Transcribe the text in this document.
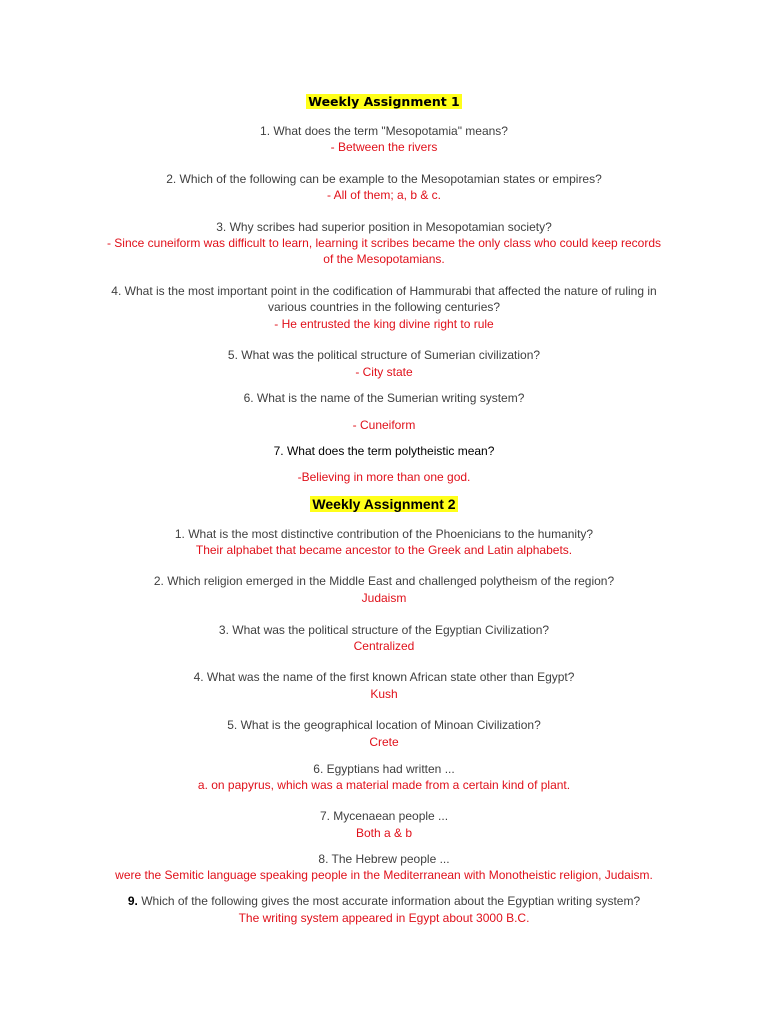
Weekly Assignment 1
1. What does the term "Mesopotamia" means?
- Between the rivers
2. Which of the following can be example to the Mesopotamian states or empires?
- All of them; a, b & c.
3. Why scribes had superior position in Mesopotamian society?
- Since cuneiform was difficult to learn, learning it scribes became the only class who could keep records
of the Mesopotamians.
4. What is the most important point in the codification of Hammurabi that affected the nature of ruling in
various countries in the following centuries?
- He entrusted the king divine right to rule
5. What was the political structure of Sumerian civilization?
- City state
6. What is the name of the Sumerian writing system?
- Cuneiform
7. What does the term polytheistic mean?
-Believing in more than one god.
Weekly Assignment 2
1. What is the most distinctive contribution of the Phoenicians to the humanity?
Their alphabet that became ancestor to the Greek and Latin alphabets.
2. Which religion emerged in the Middle East and challenged polytheism of the region?
Judaism
3. What was the political structure of the Egyptian Civilization?
Centralized
4. What was the name of the first known African state other than Egypt?
Kush
5. What is the geographical location of Minoan Civilization?
Crete
6. Egyptians had written ...
a. on papyrus, which was a material made from a certain kind of plant.
7. Mycenaean people ...
Both a & b
8. The Hebrew people ...
were the Semitic language speaking people in the Mediterranean with Monotheistic religion, Judaism.
9. Which of the following gives the most accurate information about the Egyptian writing system?
The writing system appeared in Egypt about 3000 B.C.
